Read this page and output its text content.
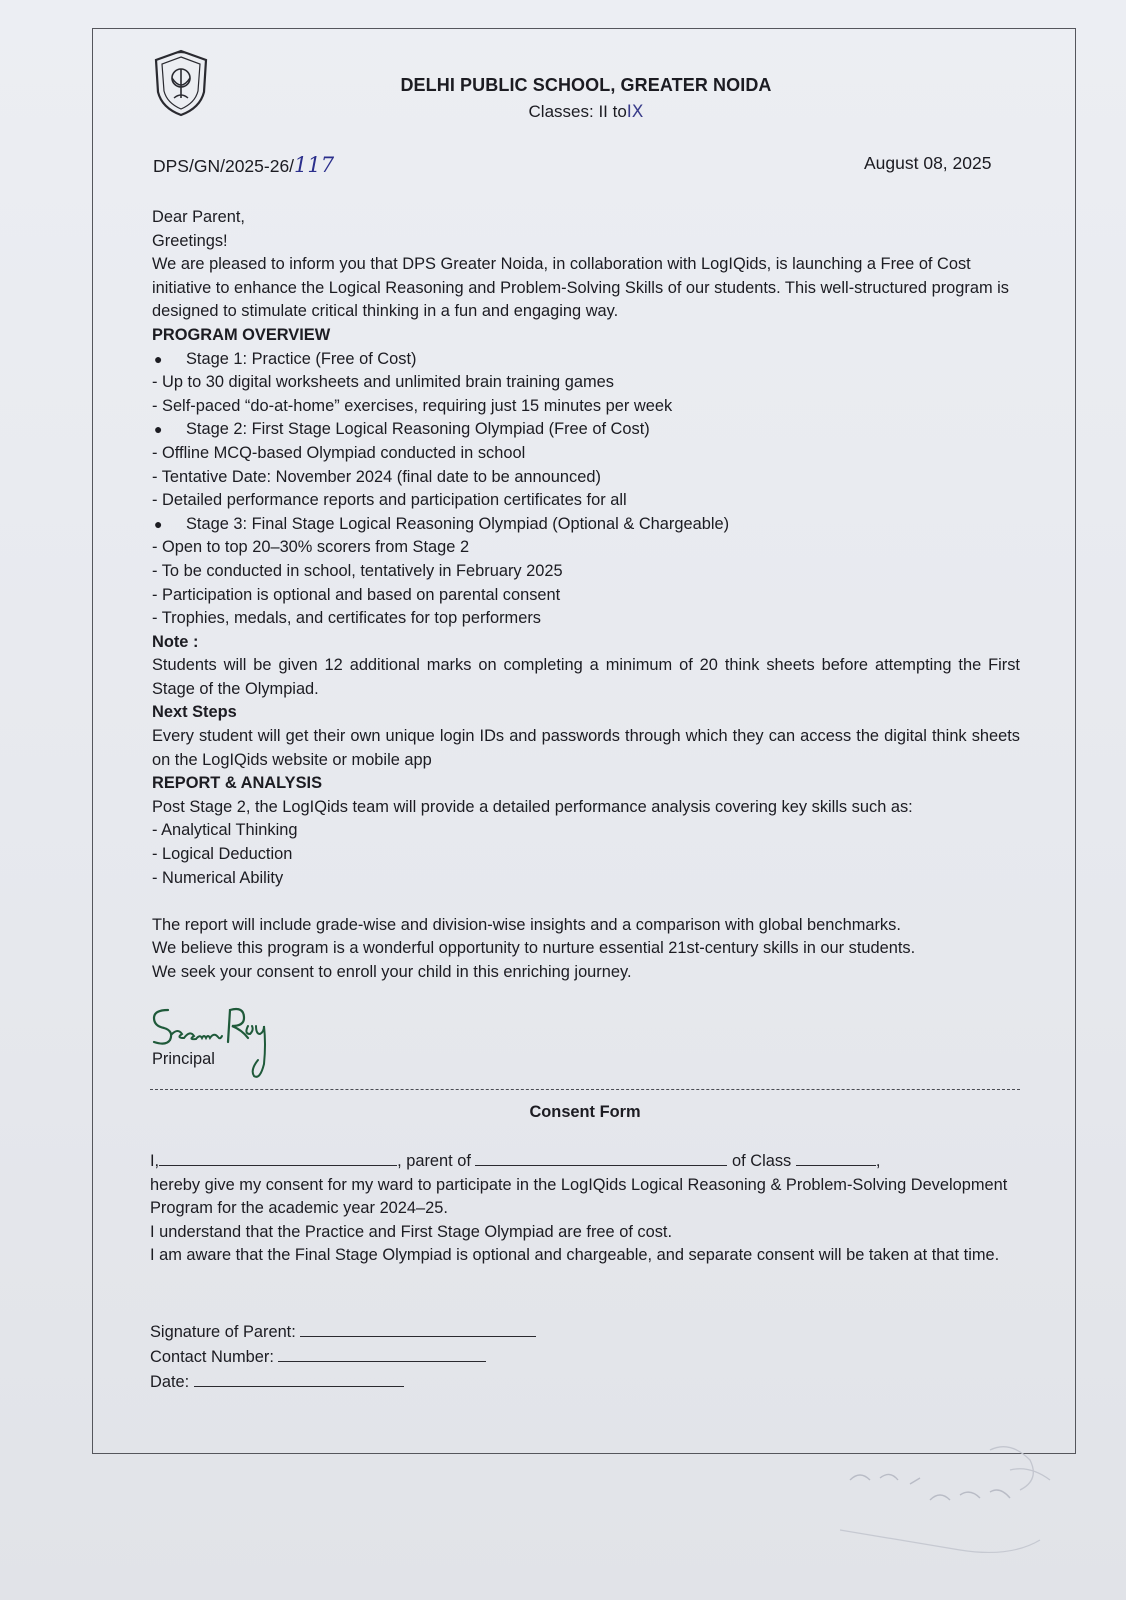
DELHI PUBLIC SCHOOL, GREATER NOIDA
Classes: II toIX
DPS/GN/2025-26/117	August 08, 2025

Dear Parent,

Greetings!

We are pleased to inform you that DPS Greater Noida, in collaboration with LogIQids, is launching a Free of Cost initiative to enhance the Logical Reasoning and Problem-Solving Skills of our students. This well-structured program is designed to stimulate critical thinking in a fun and engaging way.

PROGRAM OVERVIEW

●	Stage 1: Practice (Free of Cost)

- Up to 30 digital worksheets and unlimited brain training games

- Self-paced “do-at-home” exercises, requiring just 15 minutes per week

●	Stage 2: First Stage Logical Reasoning Olympiad (Free of Cost)

- Offline MCQ-based Olympiad conducted in school

- Tentative Date: November 2024 (final date to be announced)

- Detailed performance reports and participation certificates for all

●	Stage 3: Final Stage Logical Reasoning Olympiad (Optional & Chargeable)

- Open to top 20–30% scorers from Stage 2

- To be conducted in school, tentatively in February 2025

- Participation is optional and based on parental consent

- Trophies, medals, and certificates for top performers

Note :

Students will be given 12 additional marks on completing a minimum of 20 think sheets before attempting the First Stage of the Olympiad.

Next Steps

Every student will get their own unique login IDs and passwords through which they can access the digital think sheets on the LogIQids website or mobile app

REPORT & ANALYSIS

Post Stage 2, the LogIQids team will provide a detailed performance analysis covering key skills such as:

- Analytical Thinking

- Logical Deduction

- Numerical Ability

The report will include grade-wise and division-wise insights and a comparison with global benchmarks.

We believe this program is a wonderful opportunity to nurture essential 21st-century skills in our students.

We seek your consent to enroll your child in this enriching journey.

Principal
Consent Form

I,	, parent of	of Class	,

hereby give my consent for my ward to participate in the LogIQids Logical Reasoning & Problem-Solving Development Program for the academic year 2024–25.

I understand that the Practice and First Stage Olympiad are free of cost.

I am aware that the Final Stage Olympiad is optional and chargeable, and separate consent will be taken at that time.

Signature of Parent:

Contact Number:

Date:
